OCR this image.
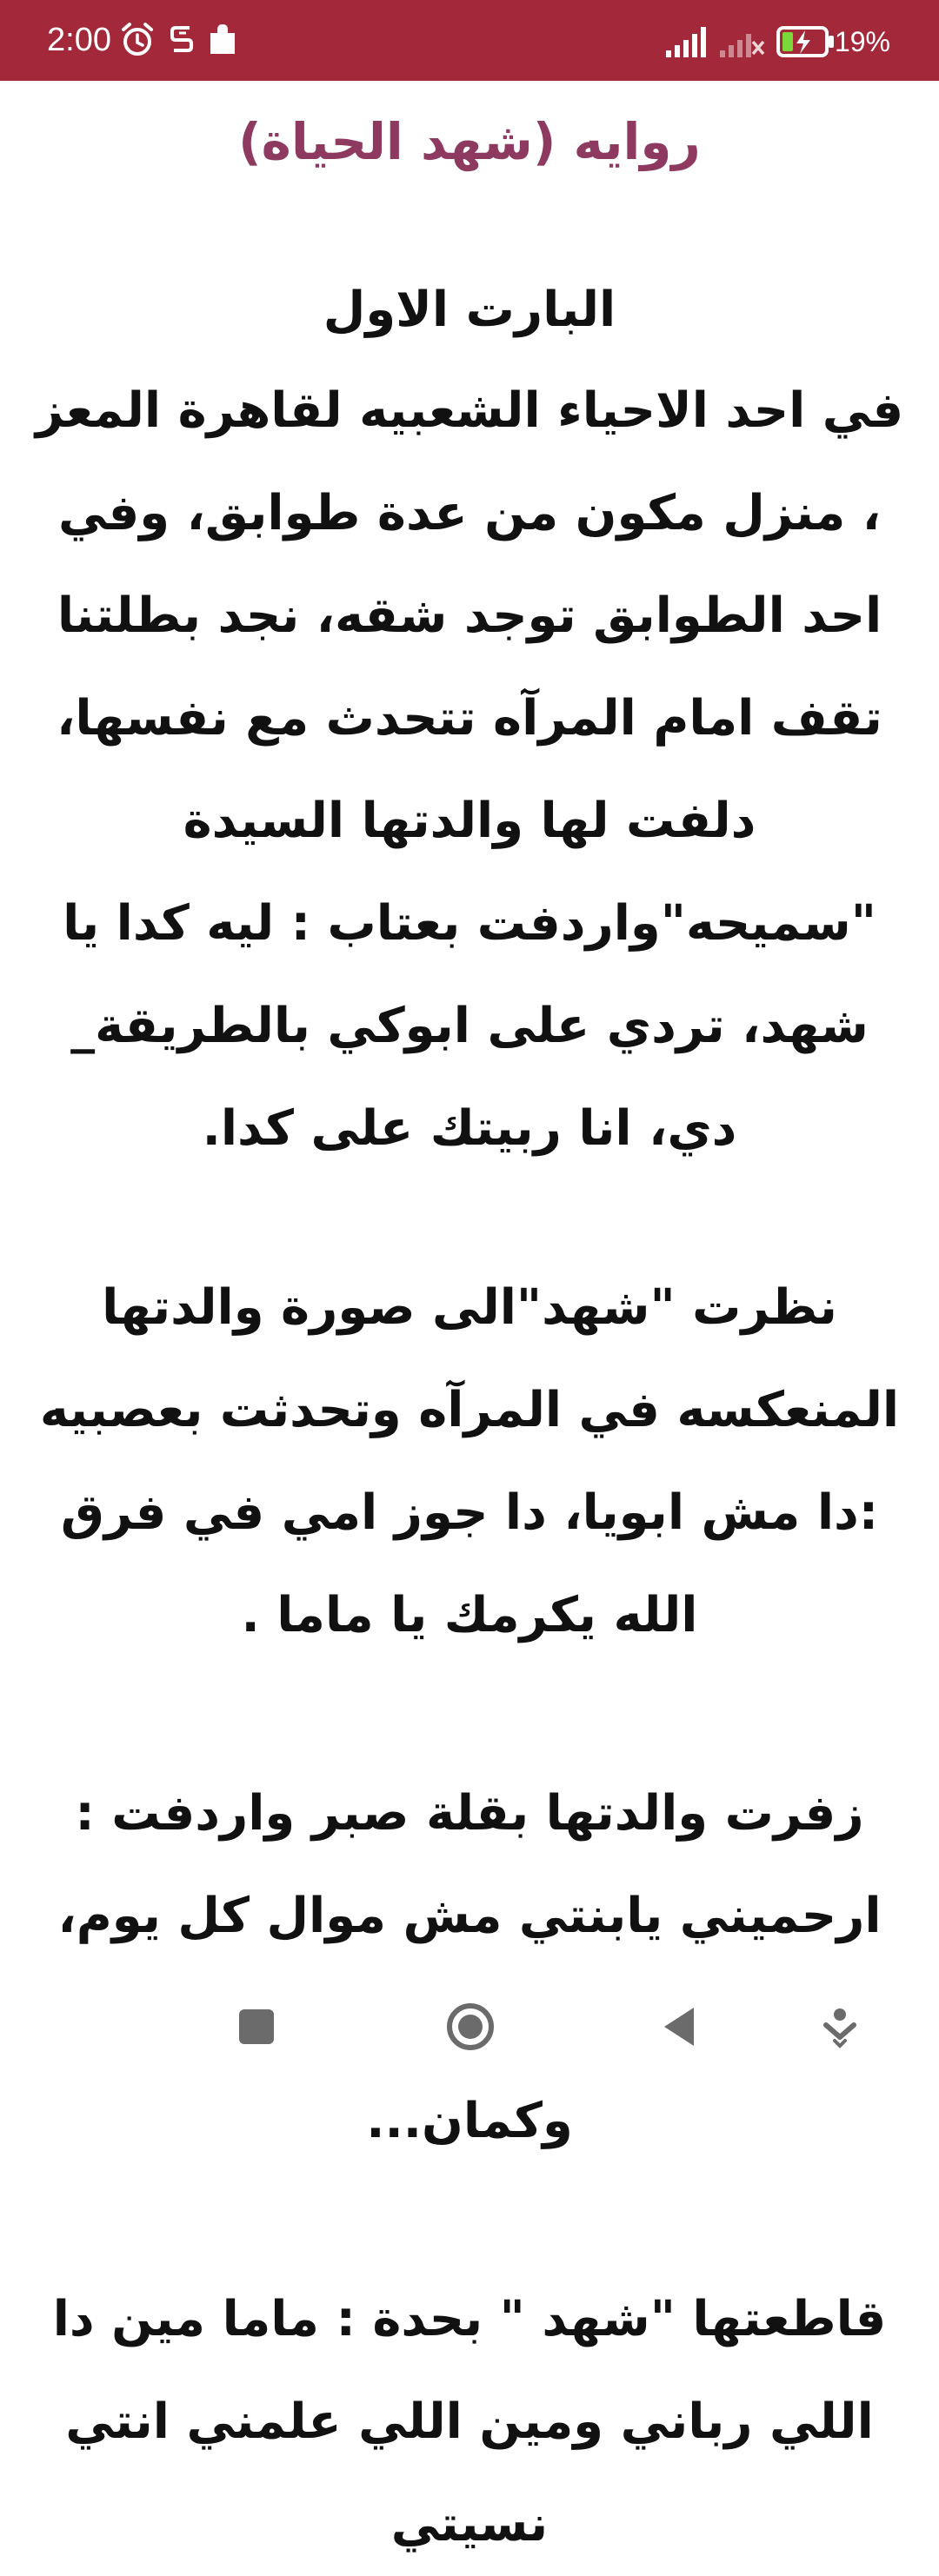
2:00	19%
روايه (شهد الحياة)
البارت الاول

في احد الاحياء الشعبيه لقاهرة المعز ، منزل مكون من عدة طوابق، وفي احد الطوابق توجد شقه، نجد بطلتنا تقف امام المرآه تتحدث مع نفسها، دلفت لها والدتها السيدة "سميحه"واردفت بعتاب : ليه كدا يا شهد، تردي على ابوكي بالطريقة_ دي، انا ربيتك على كدا.

نظرت "شهد"الى صورة والدتها المنعكسه في المرآه وتحدثت بعصبيه :دا مش ابويا، دا جوز امي في فرق الله يكرمك يا ماما .

زفرت والدتها بقلة صبر واردفت : ارحميني يابنتي مش موال كل يوم، وكمان...

قاطعتها "شهد " بحدة : ماما مين دا اللي رباني ومين اللي علمني انتي نسيتي
